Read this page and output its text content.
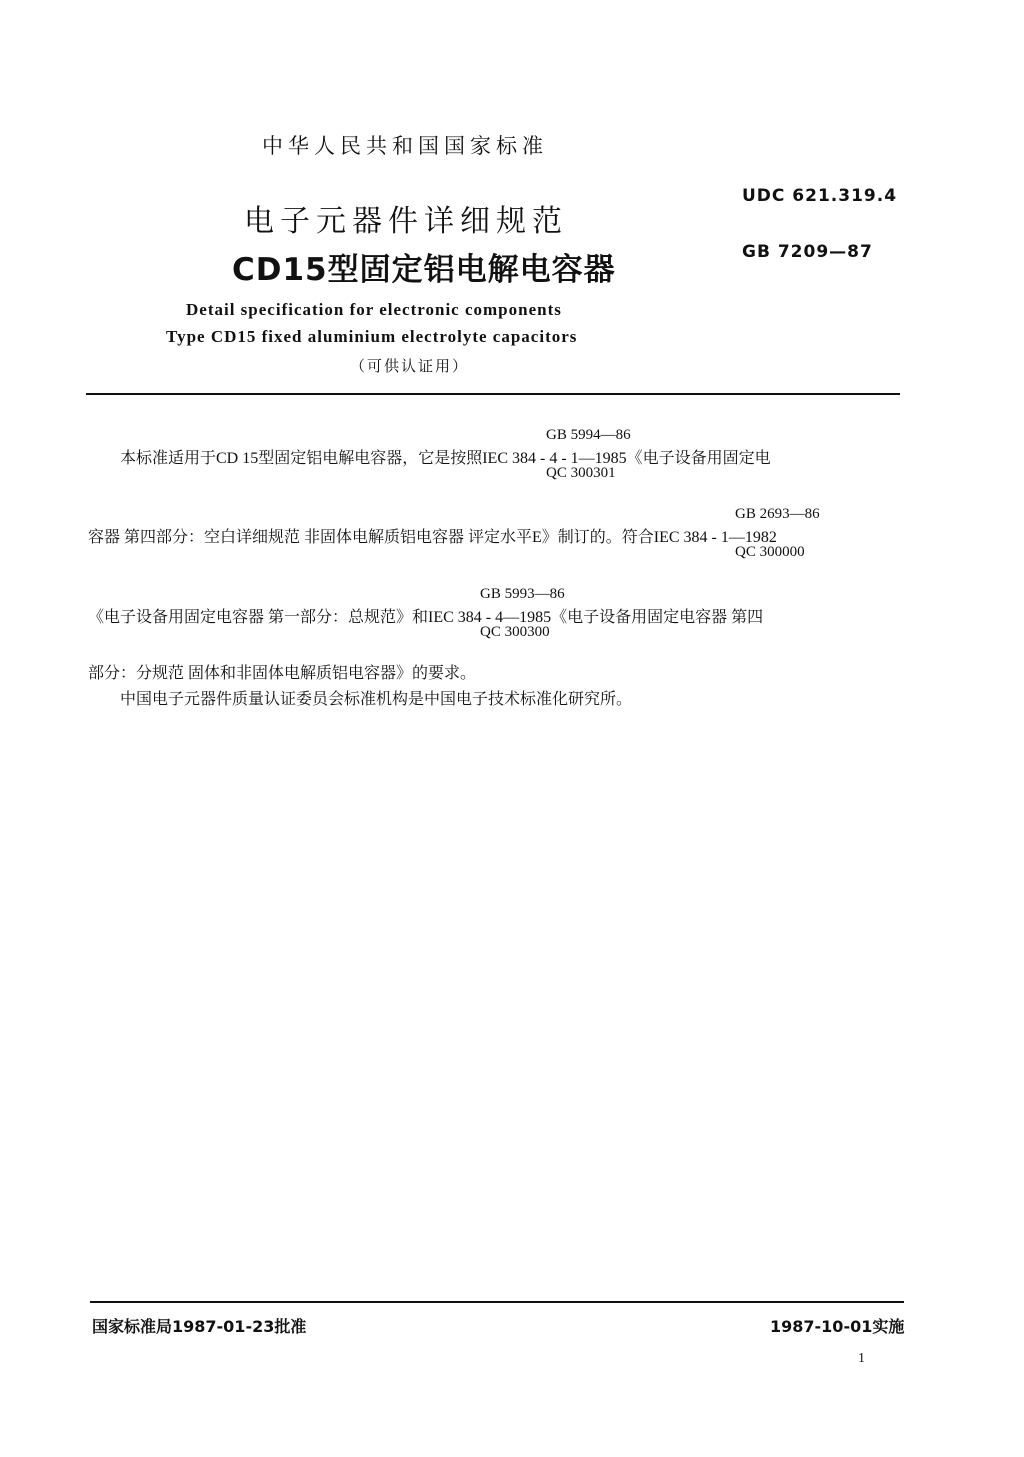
中华人民共和国国家标准
电子元器件详细规范
CD15型固定铝电解电容器
UDC 621.319.4
GB 7209—87
Detail specification for electronic components
Type CD15 fixed aluminium electrolyte capacitors
（可供认证用）
GB 5994—86
本标准适用于CD 15型固定铝电解电容器，它是按照IEC 384 - 4 - 1—1985《电子设备用固定电
QC 300301
GB 2693—86
容器 第四部分：空白详细规范 非固体电解质铝电容器 评定水平E》制订的。符合IEC 384 - 1—1982
QC 300000
GB 5993—86
《电子设备用固定电容器 第一部分：总规范》和IEC 384 - 4—1985《电子设备用固定电容器 第四
QC 300300
部分：分规范 固体和非固体电解质铝电容器》的要求。
中国电子元器件质量认证委员会标准机构是中国电子技术标准化研究所。
国家标准局1987-01-23批准	1987-10-01实施
1
